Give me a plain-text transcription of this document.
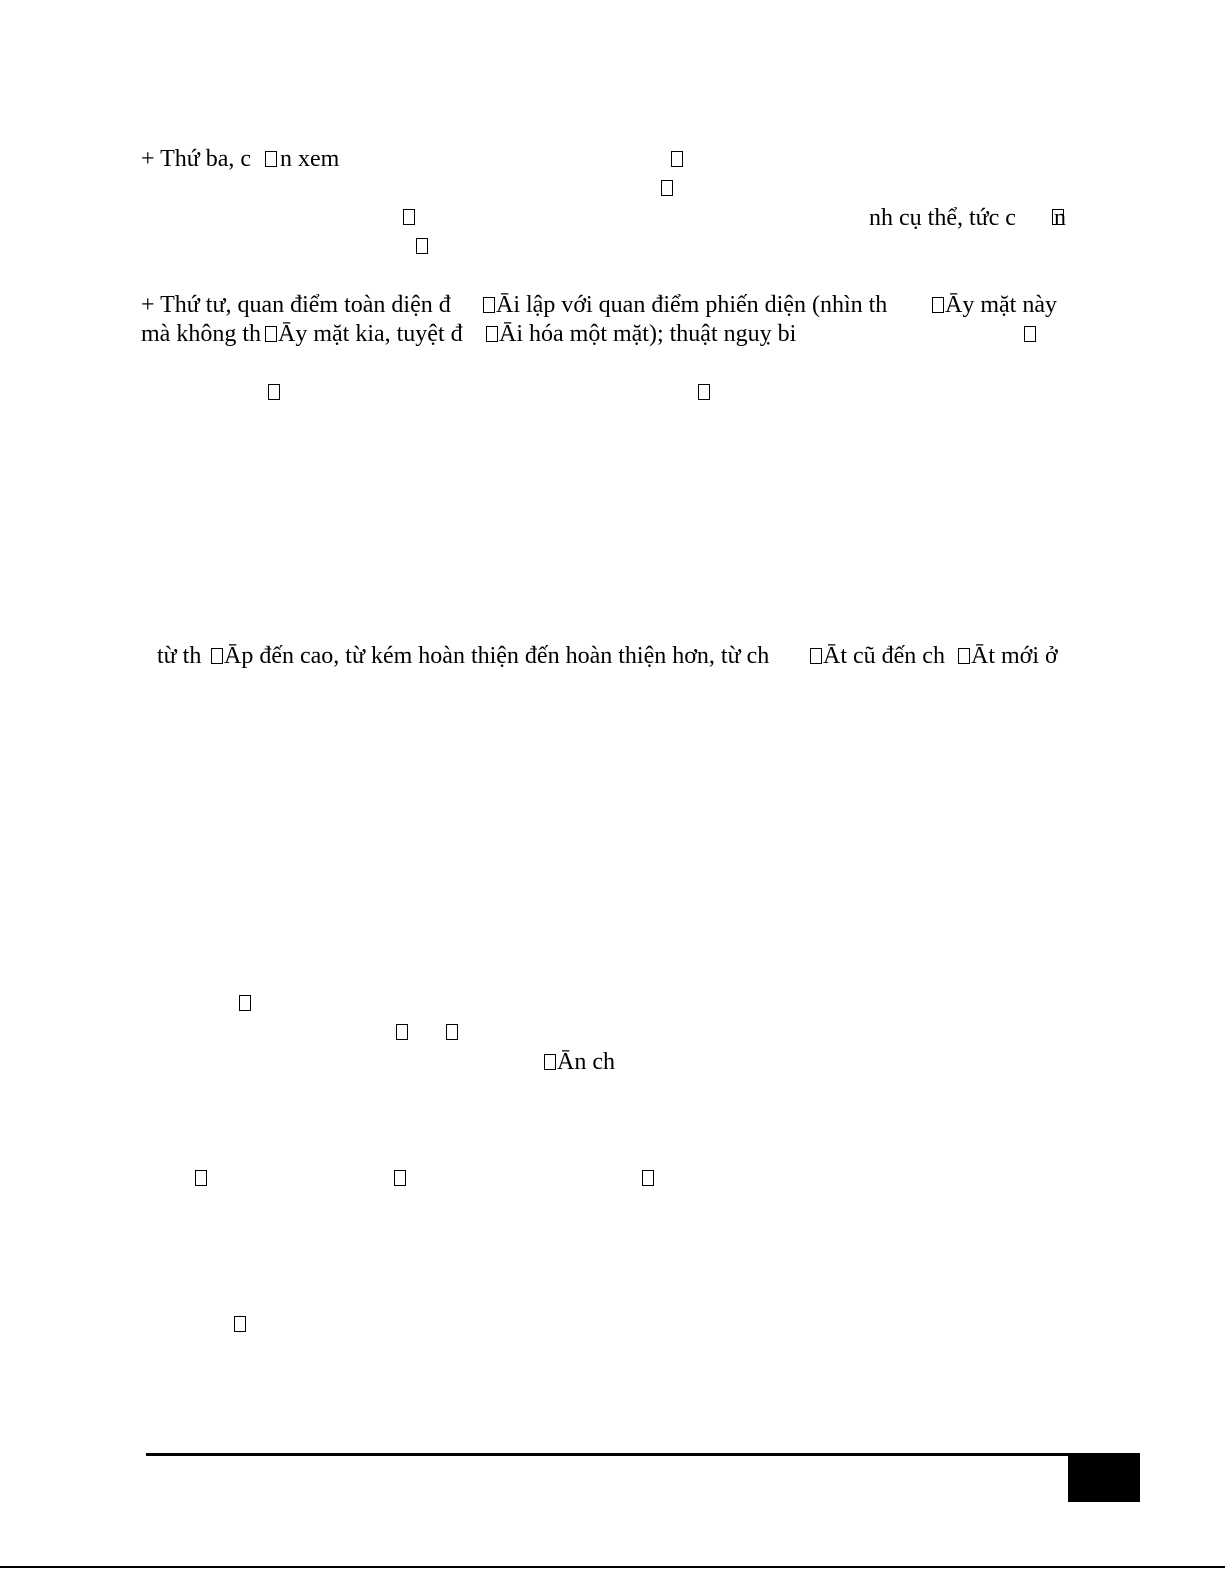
+ Thứ ba, c n xem
nh cụ thể, tức c n
+ Thứ tư, quan điểm toàn diện đ Āi lập với quan điểm phiến diện (nhìn th Āy mặt này
mà không th Āy mặt kia, tuyệt đ Āi hóa một mặt); thuật nguỵ bi
từ th Āp đến cao, từ kém hoàn thiện đến hoàn thiện hơn, từ ch Āt cũ đến ch Āt mới ở
Ān ch
